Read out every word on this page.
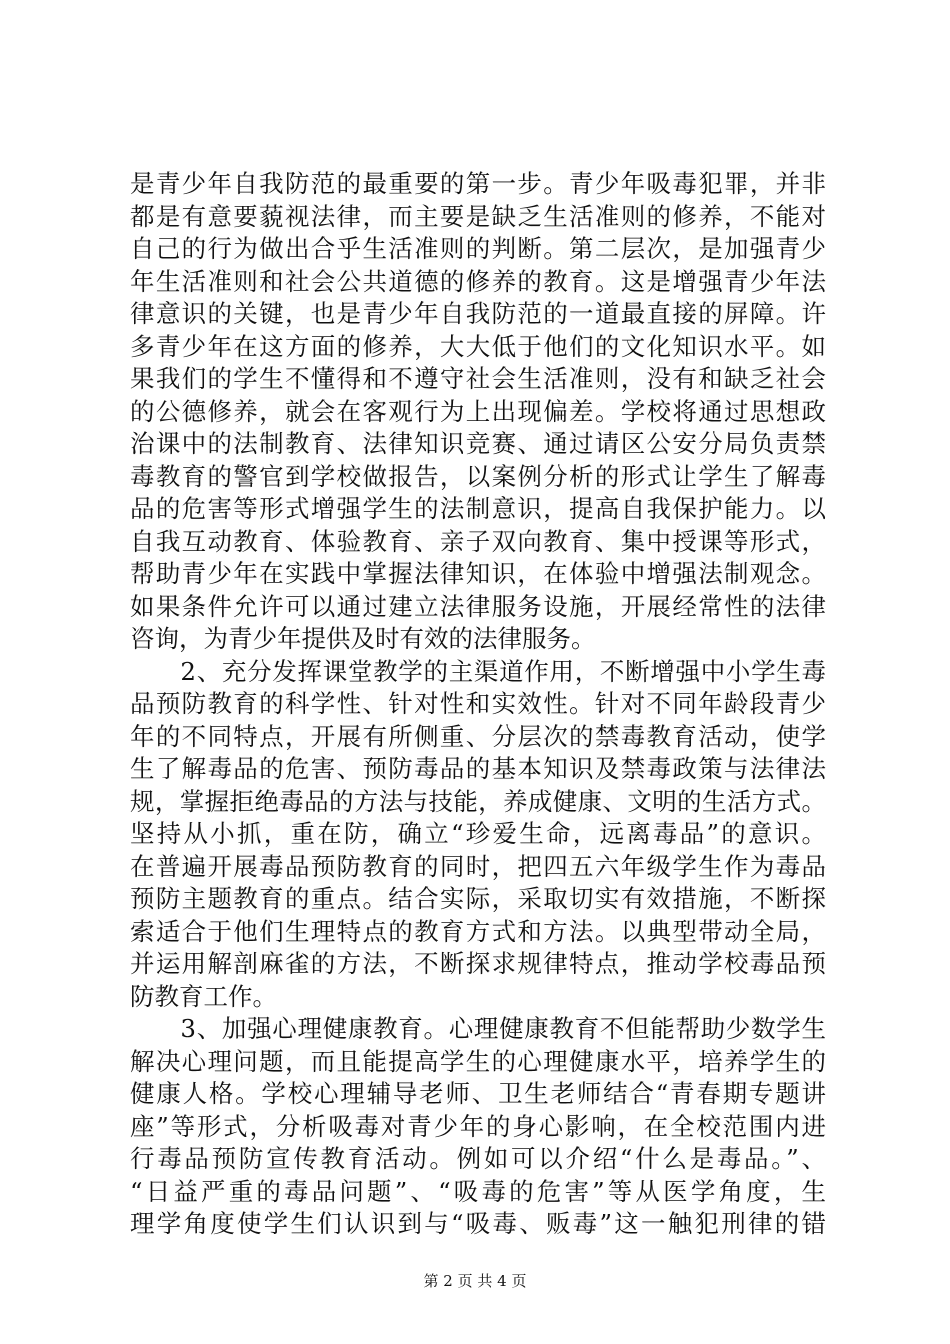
是青少年自我防范的最重要的第一步。青少年吸毒犯罪，并非
都是有意要藐视法律，而主要是缺乏生活准则的修养，不能对
自己的行为做出合乎生活准则的判断。第二层次，是加强青少
年生活准则和社会公共道德的修养的教育。这是增强青少年法
律意识的关键，也是青少年自我防范的一道最直接的屏障。许
多青少年在这方面的修养，大大低于他们的文化知识水平。如
果我们的学生不懂得和不遵守社会生活准则，没有和缺乏社会
的公德修养，就会在客观行为上出现偏差。学校将通过思想政
治课中的法制教育、法律知识竞赛、通过请区公安分局负责禁
毒教育的警官到学校做报告，以案例分析的形式让学生了解毒
品的危害等形式增强学生的法制意识，提高自我保护能力。以
自我互动教育、体验教育、亲子双向教育、集中授课等形式，
帮助青少年在实践中掌握法律知识，在体验中增强法制观念。
如果条件允许可以通过建立法律服务设施，开展经常性的法律
咨询，为青少年提供及时有效的法律服务。
　　2、充分发挥课堂教学的主渠道作用，不断增强中小学生毒
品预防教育的科学性、针对性和实效性。针对不同年龄段青少
年的不同特点，开展有所侧重、分层次的禁毒教育活动，使学
生了解毒品的危害、预防毒品的基本知识及禁毒政策与法律法
规，掌握拒绝毒品的方法与技能，养成健康、文明的生活方式。
坚持从小抓，重在防，确立“珍爱生命，远离毒品”的意识。
在普遍开展毒品预防教育的同时，把四五六年级学生作为毒品
预防主题教育的重点。结合实际，采取切实有效措施，不断探
索适合于他们生理特点的教育方式和方法。以典型带动全局，
并运用解剖麻雀的方法，不断探求规律特点，推动学校毒品预
防教育工作。
　　3、加强心理健康教育。心理健康教育不但能帮助少数学生
解决心理问题，而且能提高学生的心理健康水平，培养学生的
健康人格。学校心理辅导老师、卫生老师结合“青春期专题讲
座”等形式，分析吸毒对青少年的身心影响，在全校范围内进
行毒品预防宣传教育活动。例如可以介绍“什么是毒品。”、
“日益严重的毒品问题”、“吸毒的危害”等从医学角度，生
理学角度使学生们认识到与“吸毒、贩毒”这一触犯刑律的错
第 2 页 共 4 页
